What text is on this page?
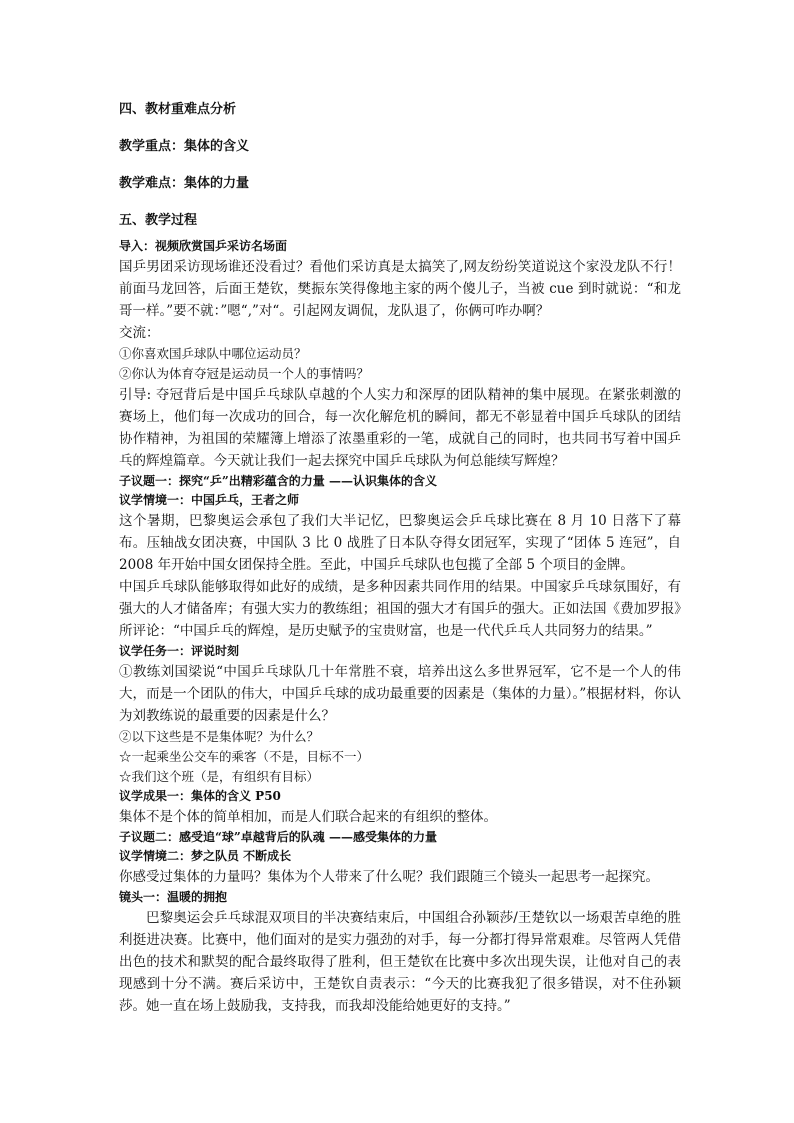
四、教材重难点分析

教学重点：集体的含义

教学难点：集体的力量

五、教学过程

导入：视频欣赏国乒采访名场面

国乒男团采访现场谁还没看过？看他们采访真是太搞笑了,网友纷纷笑道说这个家没龙队不行！前面马龙回答，后面王楚钦，樊振东笑得像地主家的两个傻儿子，当被 cue 到时就说：“和龙哥一样。”要不就：”嗯“,”对“。引起网友调侃，龙队退了，你俩可咋办啊？

交流：

①你喜欢国乒球队中哪位运动员？

②你认为体育夺冠是运动员一个人的事情吗？

引导: 夺冠背后是中国乒乓球队卓越的个人实力和深厚的团队精神的集中展现。在紧张刺激的赛场上，他们每一次成功的回合，每一次化解危机的瞬间，都无不彰显着中国乒乓球队的团结协作精神，为祖国的荣耀簿上增添了浓墨重彩的一笔，成就自己的同时，也共同书写着中国乒乓的辉煌篇章。今天就让我们一起去探究中国乒乓球队为何总能续写辉煌？

子议题一：探究“乒”出精彩蕴含的力量 ——认识集体的含义

议学情境一：中国乒乓，王者之师

这个暑期，巴黎奥运会承包了我们大半记忆，巴黎奥运会乒乓球比赛在 8 月 10 日落下了幕布。压轴战女团决赛，中国队 3 比 0 战胜了日本队夺得女团冠军，实现了“团体 5 连冠”，自 2008 年开始中国女团保持全胜。至此，中国乒乓球队也包揽了全部 5 个项目的金牌。

中国乒乓球队能够取得如此好的成绩，是多种因素共同作用的结果。中国家乒乓球氛围好，有强大的人才储备库；有强大实力的教练组；祖国的强大才有国乒的强大。正如法国《费加罗报》所评论：“中国乒乓的辉煌，是历史赋予的宝贵财富，也是一代代乒乓人共同努力的结果。”

议学任务一：评说时刻

①教练刘国梁说“中国乒乓球队几十年常胜不衰，培养出这么多世界冠军，它不是一个人的伟大，而是一个团队的伟大，中国乒乓球的成功最重要的因素是（集体的力量）。”根据材料，你认为刘教练说的最重要的因素是什么？

②以下这些是不是集体呢？为什么？

☆一起乘坐公交车的乘客（不是，目标不一）

☆我们这个班（是，有组织有目标）

议学成果一：集体的含义 P50

集体不是个体的简单相加，而是人们联合起来的有组织的整体。

子议题二：感受追“球”卓越背后的队魂 ——感受集体的力量

议学情境二：梦之队员 不断成长

你感受过集体的力量吗？集体为个人带来了什么呢？我们跟随三个镜头一起思考一起探究。

镜头一：温暖的拥抱

巴黎奥运会乒乓球混双项目的半决赛结束后，中国组合孙颖莎/王楚钦以一场艰苦卓绝的胜利挺进决赛。比赛中，他们面对的是实力强劲的对手，每一分都打得异常艰难。尽管两人凭借出色的技术和默契的配合最终取得了胜利，但王楚钦在比赛中多次出现失误，让他对自己的表现感到十分不满。赛后采访中，王楚钦自责表示：“今天的比赛我犯了很多错误，对不住孙颖莎。她一直在场上鼓励我，支持我，而我却没能给她更好的支持。”
